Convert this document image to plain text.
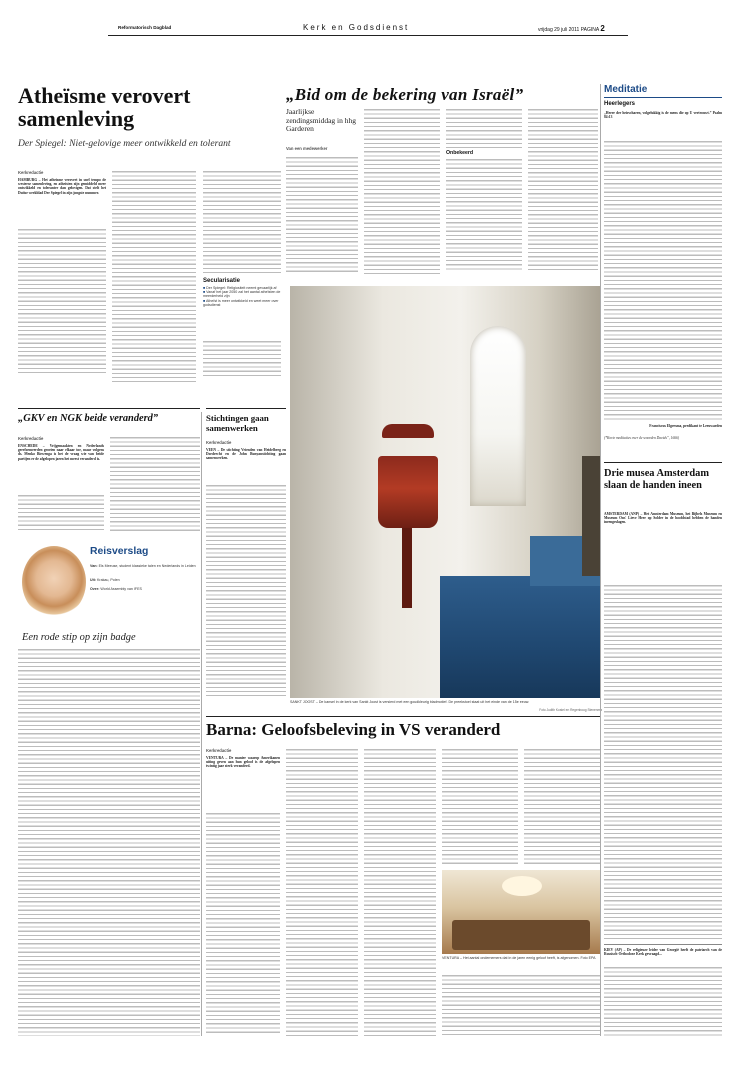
Reformatorisch Dagblad	Kerk en Godsdienst	vrijdag 29 juli 2011 PAGINA 2
Atheïsme verovert samenleving
Der Spiegel: Niet-gelovige meer ontwikkeld en tolerant
Kerkredactie
HAMBURG – Het atheïsme verovert in snel tempo de westerse samenleving, en atheïsten zijn gemiddeld meer ontwikkeld en toleranter dan gelovigen. Dat stelt het Duitse weekblad Der Spiegel in zijn jongste nummer.
Secularisatie
■ Der Spiegel: Religiositeit neemt gevaarlijk af
■ Vanaf het jaar 2050 zal het aantal atheïsten de meerderheid zijn
■ Atheïst is meer ontwikkeld en weet meer over godsdienst
„Bid om de bekering van Israël”
Jaarlijkse zendingsmiddag in hhg Garderen
Van een medewerker
Onbekeerd
Meditatie
Heerlegers
„Heere der heirscharen, volgelukkig is de mens die op U vertrouwt.” Psalm 84:13
Franciscus Elgersma, predikant te Leeuwarden
(*Korte meditaties over de woorden Davids”, 1666)
„GKV en NGK beide veranderd”
Kerkredactie
ENSCHEDE – Vrijgemaakten en Nederlands gereformeerden groeien naar elkaar toe, maar volgens ds. Menko Biewenga is het de vraag wie van beide partijen er de afgelopen jaren het meest veranderd is.
Stichtingen gaan samenwerken
Kerkredactie
VEEN – De stichting Vrienden van Heidelberg en Dordrecht en de John Bunyanstichting gaan samenwerken.
Reisverslag
Van: Els Meeuse, student klassieke talen en Nederlands in Leiden
Uit: Krakau, Polen
Over: World Assembly van IFES
Een rode stip op zijn badge
SANKT JOOST – De kansel in de kerk van Sankt Joost is versierd met een goudkleurig bladmotief. De preekstoel staat uit het einde van de 15e eeuw.
Foto Judith Kostel en Regenboog Stenenma
Drie musea Amsterdam slaan de handen ineen
AMSTERDAM (ANP) – Het Amsterdam Museum, het Bijbels Museum en Museum Ons' Lieve Heer op Solder in de hoofdstad hebben de handen ineengeslagen.
KIEV (AP) – De religieuze leider van Georgië heeft de patriarch van de Russisch-Orthodoxe Kerk gevraagd...
Barna: Geloofsbeleving in VS veranderd
Kerkredactie
VENTURA – De manier waarop Amerikanen uiting geven aan hun geloof is de afgelopen twintig jaar sterk veranderd.
VENTURA – Het aantal ondernemers dat in de jaren eenig geloof heeft, is afgenomen. Foto EPA
